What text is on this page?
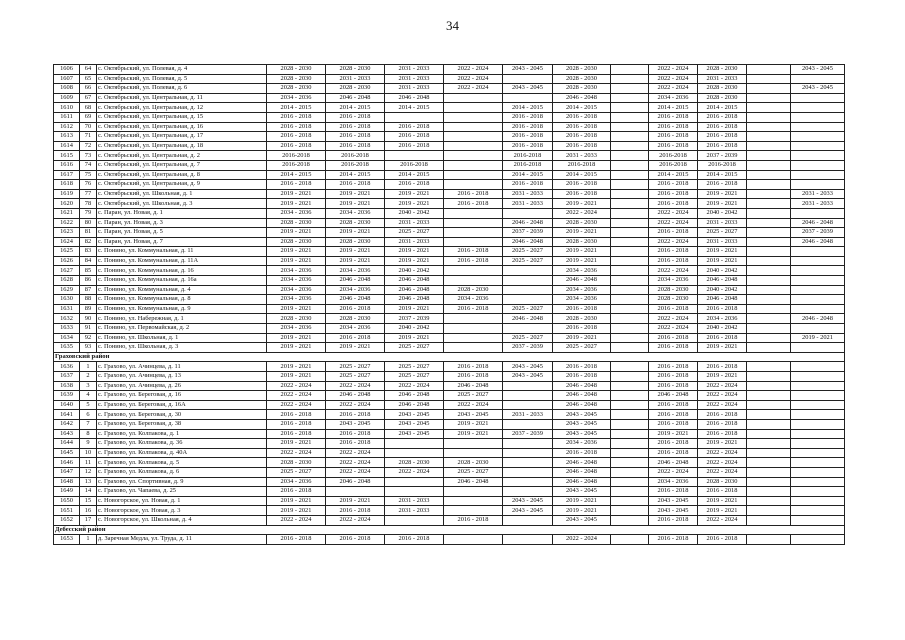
34
1606	64	с. Октябрьский, ул. Полевая, д. 4	2028 - 2030	2028 - 2030	2031 - 2033	2022 - 2024	2043 - 2045	2028 - 2030		2022 - 2024	2028 - 2030		2043 - 2045
1607	65	с. Октябрьский, ул. Полевая, д. 5	2028 - 2030	2031 - 2033	2031 - 2033	2022 - 2024		2028 - 2030		2022 - 2024	2031 - 2033		
1608	66	с. Октябрьский, ул. Полевая, д. 6	2028 - 2030	2028 - 2030	2031 - 2033	2022 - 2024	2043 - 2045	2028 - 2030		2022 - 2024	2028 - 2030		2043 - 2045
1609	67	с. Октябрьский, ул. Центральная, д. 11	2034 - 2036	2046 - 2048	2046 - 2048			2046 - 2048		2034 - 2036	2028 - 2030		
1610	68	с. Октябрьский, ул. Центральная, д. 12	2014 - 2015	2014 - 2015	2014 - 2015		2014 - 2015	2014 - 2015		2014 - 2015	2014 - 2015		
1611	69	с. Октябрьский, ул. Центральная, д. 15	2016 - 2018	2016 - 2018			2016 - 2018	2016 - 2018		2016 - 2018	2016 - 2018		
1612	70	с. Октябрьский, ул. Центральная, д. 16	2016 - 2018	2016 - 2018	2016 - 2018		2016 - 2018	2016 - 2018		2016 - 2018	2016 - 2018		
1613	71	с. Октябрьский, ул. Центральная, д. 17	2016 - 2018	2016 - 2018	2016 - 2018		2016 - 2018	2016 - 2018		2016 - 2018	2016 - 2018		
1614	72	с. Октябрьский, ул. Центральная, д. 18	2016 - 2018	2016 - 2018	2016 - 2018		2016 - 2018	2016 - 2018		2016 - 2018	2016 - 2018		
1615	73	с. Октябрьский, ул. Центральная, д. 2	2016-2018	2016-2018			2016-2018	2031 - 2033		2016-2018	2037 - 2039		
1616	74	с. Октябрьский, ул. Центральная, д. 7	2016-2018	2016-2018	2016-2018		2016-2018	2016-2018		2016-2018	2016-2018		
1617	75	с. Октябрьский, ул. Центральная, д. 8	2014 - 2015	2014 - 2015	2014 - 2015		2014 - 2015	2014 - 2015		2014 - 2015	2014 - 2015		
1618	76	с. Октябрьский, ул. Центральная, д. 9	2016 - 2018	2016 - 2018	2016 - 2018		2016 - 2018	2016 - 2018		2016 - 2018	2016 - 2018		
1619	77	с. Октябрьский, ул. Школьная, д. 1	2019 - 2021	2019 - 2021	2019 - 2021	2016 - 2018	2031 - 2033	2016 - 2018		2016 - 2018	2019 - 2021		2031 - 2033
1620	78	с. Октябрьский, ул. Школьная, д. 3	2019 - 2021	2019 - 2021	2019 - 2021	2016 - 2018	2031 - 2033	2019 - 2021		2016 - 2018	2019 - 2021		2031 - 2033
1621	79	с. Паран, ул. Новая, д. 1	2034 - 2036	2034 - 2036	2040 - 2042			2022 - 2024		2022 - 2024	2040 - 2042		
1622	80	с. Паран, ул. Новая, д. 3	2028 - 2030	2028 - 2030	2031 - 2033		2046 - 2048	2028 - 2030		2022 - 2024	2031 - 2033		2046 - 2048
1623	81	с. Паран, ул. Новая, д. 5	2019 - 2021	2019 - 2021	2025 - 2027		2037 - 2039	2019 - 2021		2016 - 2018	2025 - 2027		2037 - 2039
1624	82	с. Паран, ул. Новая, д. 7	2028 - 2030	2028 - 2030	2031 - 2033		2046 - 2048	2028 - 2030		2022 - 2024	2031 - 2033		2046 - 2048
1625	83	с. Понино, ул. Коммунальная, д. 11	2019 - 2021	2019 - 2021	2019 - 2021	2016 - 2018	2025 - 2027	2019 - 2021		2016 - 2018	2019 - 2021		
1626	84	с. Понино, ул. Коммунальная, д. 11А	2019 - 2021	2019 - 2021	2019 - 2021	2016 - 2018	2025 - 2027	2019 - 2021		2016 - 2018	2019 - 2021		
1627	85	с. Понино, ул. Коммунальная, д. 16	2034 - 2036	2034 - 2036	2040 - 2042			2034 - 2036		2022 - 2024	2040 - 2042		
1628	86	с. Понино, ул. Коммунальная, д. 16а	2034 - 2036	2046 - 2048	2046 - 2048			2046 - 2048		2034 - 2036	2046 - 2048		
1629	87	с. Понино, ул. Коммунальная, д. 4	2034 - 2036	2034 - 2036	2046 - 2048	2028 - 2030		2034 - 2036		2028 - 2030	2040 - 2042		
1630	88	с. Понино, ул. Коммунальная, д. 8	2034 - 2036	2046 - 2048	2046 - 2048	2034 - 2036		2034 - 2036		2028 - 2030	2046 - 2048		
1631	89	с. Понино, ул. Коммунальная, д. 9	2019 - 2021	2016 - 2018	2019 - 2021	2016 - 2018	2025 - 2027	2016 - 2018		2016 - 2018	2016 - 2018		
1632	90	с. Понино, ул. Набережная, д. 1	2028 - 2030	2028 - 2030	2037 - 2039		2046 - 2048	2028 - 2030		2022 - 2024	2034 - 2036		2046 - 2048
1633	91	с. Понино, ул. Первомайская, д. 2	2034 - 2036	2034 - 2036	2040 - 2042			2016 - 2018		2022 - 2024	2040 - 2042		
1634	92	с. Понино, ул. Школьная, д. 1	2019 - 2021	2016 - 2018	2019 - 2021		2025 - 2027	2019 - 2021		2016 - 2018	2016 - 2018		2019 - 2021
1635	93	с. Понино, ул. Школьная, д. 3	2019 - 2021	2019 - 2021	2025 - 2027		2037 - 2039	2025 - 2027		2016 - 2018	2019 - 2021		
Граховский район													
1636	1	с. Грахово, ул. Ачинцева, д. 11	2019 - 2021	2025 - 2027	2025 - 2027	2016 - 2018	2043 - 2045	2016 - 2018		2016 - 2018	2016 - 2018		
1637	2	с. Грахово, ул. Ачинцева, д. 13	2019 - 2021	2025 - 2027	2025 - 2027	2016 - 2018	2043 - 2045	2016 - 2018		2016 - 2018	2019 - 2021		
1638	3	с. Грахово, ул. Ачинцева, д. 26	2022 - 2024	2022 - 2024	2022 - 2024	2046 - 2048		2046 - 2048		2016 - 2018	2022 - 2024		
1639	4	с. Грахово, ул. Береговая, д. 16	2022 - 2024	2046 - 2048	2046 - 2048	2025 - 2027		2046 - 2048		2046 - 2048	2022 - 2024		
1640	5	с. Грахово, ул. Береговая, д. 16А	2022 - 2024	2022 - 2024	2046 - 2048	2022 - 2024		2046 - 2048		2016 - 2018	2022 - 2024		
1641	6	с. Грахово, ул. Береговая, д. 30	2016 - 2018	2016 - 2018	2043 - 2045	2043 - 2045	2031 - 2033	2043 - 2045		2016 - 2018	2016 - 2018		
1642	7	с. Грахово, ул. Береговая, д. 38	2016 - 2018	2043 - 2045	2043 - 2045	2019 - 2021		2043 - 2045		2016 - 2018	2016 - 2018		
1643	8	с. Грахово, ул. Колпакова, д. 1	2016 - 2018	2016 - 2018	2043 - 2045	2019 - 2021	2037 - 2039	2043 - 2045		2019 - 2021	2016 - 2018		
1644	9	с. Грахово, ул. Колпакова, д. 36	2019 - 2021	2016 - 2018				2034 - 2036		2016 - 2018	2019 - 2021		
1645	10	с. Грахово, ул. Колпакова, д. 40А	2022 - 2024	2022 - 2024				2016 - 2018		2016 - 2018	2022 - 2024		
1646	11	с. Грахово, ул. Колпакова, д. 5	2028 - 2030	2022 - 2024	2028 - 2030	2028 - 2030		2046 - 2048		2046 - 2048	2022 - 2024		
1647	12	с. Грахово, ул. Колпакова, д. 6	2025 - 2027	2022 - 2024	2022 - 2024	2025 - 2027		2046 - 2048		2022 - 2024	2022 - 2024		
1648	13	с. Грахово, ул. Спортивная, д. 9	2034 - 2036	2046 - 2048		2046 - 2048		2046 - 2048		2034 - 2036	2028 - 2030		
1649	14	с. Грахово, ул. Чапаева, д. 25	2016 - 2018					2043 - 2045		2016 - 2018	2016 - 2018		
1650	15	с. Новогорское, ул. Новая, д. 1	2019 - 2021	2019 - 2021	2031 - 2033		2043 - 2045	2019 - 2021		2043 - 2045	2019 - 2021		
1651	16	с. Новогорское, ул. Новая, д. 3	2019 - 2021	2016 - 2018	2031 - 2033		2043 - 2045	2019 - 2021		2043 - 2045	2019 - 2021		
1652	17	с. Новогорское, ул. Школьная, д. 4	2022 - 2024	2022 - 2024		2016 - 2018		2043 - 2045		2016 - 2018	2022 - 2024		
Дебесский район													
1653	1	д. Заречная Медла, ул. Труда, д. 11	2016 - 2018	2016 - 2018	2016 - 2018			2022 - 2024		2016 - 2018	2016 - 2018		
